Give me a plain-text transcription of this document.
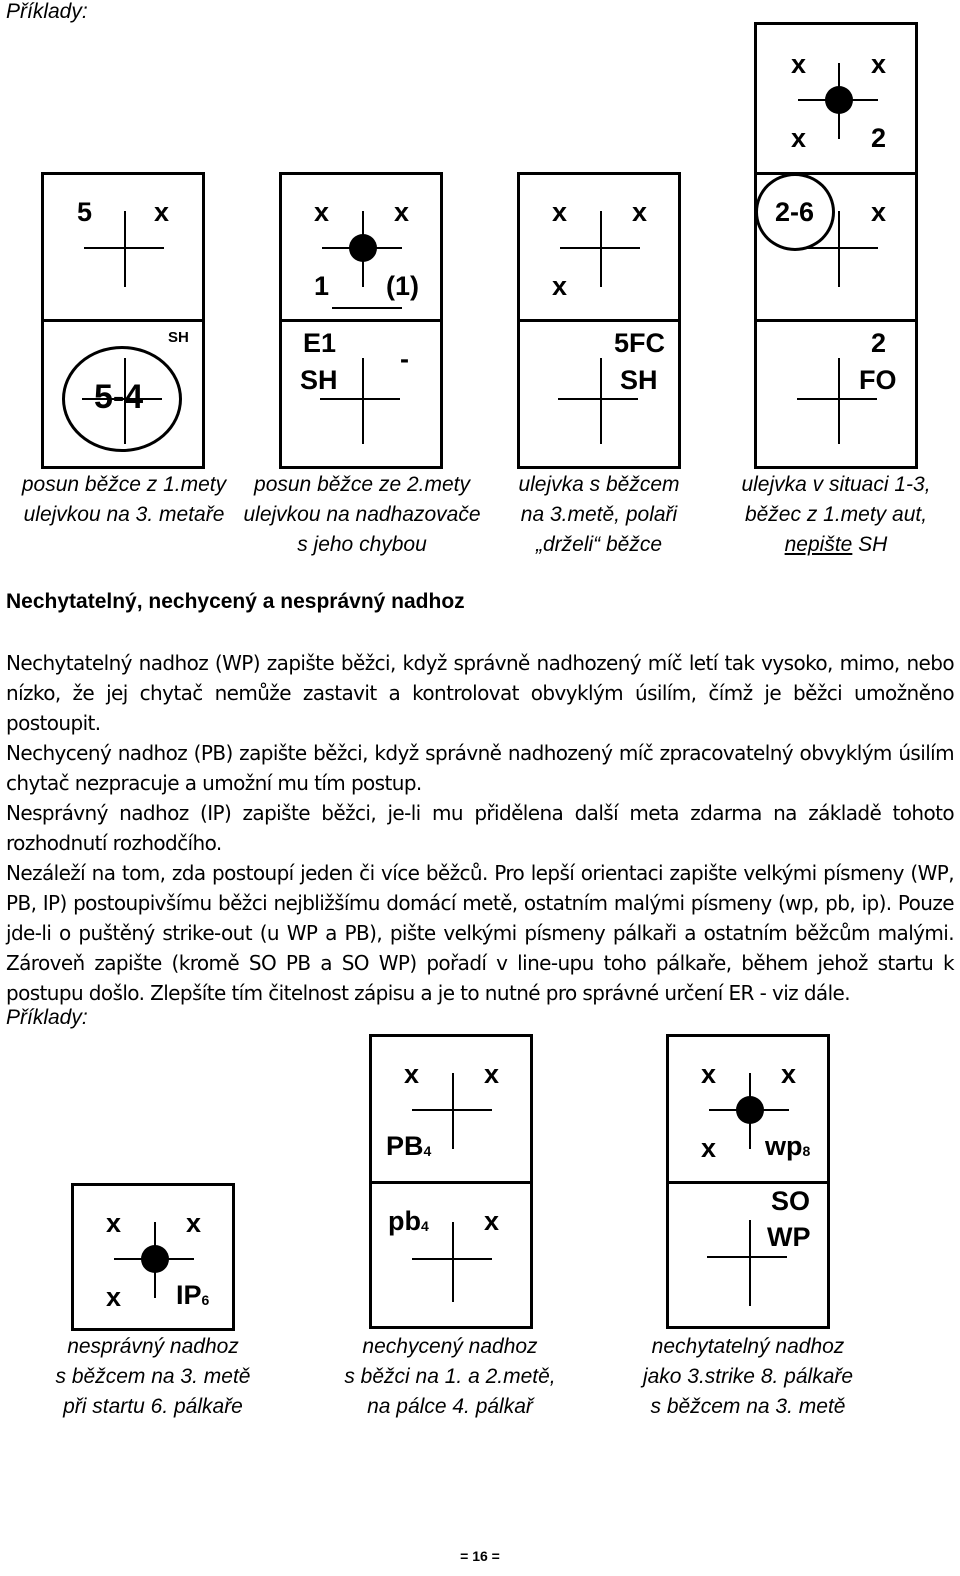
Příklady:
5 x
SH
5-4
posun běžce z 1.mety
ulejvkou na 3. metaře
x x
1 (1)
E1
SH
-
posun běžce ze 2.mety
ulejvkou na nadhazovače
s jeho chybou
x x
x
5FC
SH
ulejvka s běžcem
na 3.metě, polaři
„drželi“ běžce
x x
x 2
2-6 x
2
FO
ulejvka v situaci 1-3,
běžec z 1.mety aut,
nepište SH
Nechytatelný, nechycený a nesprávný nadhoz

Nechytatelný nadhoz (WP) zapište běžci, když správně nadhozený míč letí tak vysoko, mimo, nebo nízko, že jej chytač nemůže zastavit a kontrolovat obvyklým úsilím, čímž je běžci umožněno postoupit.

Nechycený nadhoz (PB) zapište běžci, když správně nadhozený míč zpracovatelný obvyklým úsilím chytač nezpracuje a umožní mu tím postup.

Nesprávný nadhoz (IP) zapište běžci, je-li mu přidělena další meta zdarma na základě tohoto rozhodnutí rozhodčího.

Nezáleží na tom, zda postoupí jeden či více běžců. Pro lepší orientaci zapište velkými písmeny (WP, PB, IP) postoupivšímu běžci nejbližšímu domácí metě, ostatním malými písmeny (wp, pb, ip). Pouze jde-li o puštěný strike-out (u WP a PB), pište velkými písmeny pálkaři a ostatním běžcům malými. Zároveň zapište (kromě SO PB a SO WP) pořadí v line-upu toho pálkaře, během jehož startu k postupu došlo. Zlepšíte tím čitelnost zápisu a je to nutné pro správné určení ER - viz dále.

Příklady:
x x
x $IP_6$
nesprávný nadhoz
s běžcem na 3. metě
při startu 6. pálkaře
x x
$PB_4$
$pb_4$ x
nechycený nadhoz
s běžci na 1. a 2.metě,
na pálce 4. pálkař
x x
x $wp_8$
SO
WP
nechytatelný nadhoz
jako 3.strike 8. pálkaře
s běžcem na 3. metě
= 16 =
